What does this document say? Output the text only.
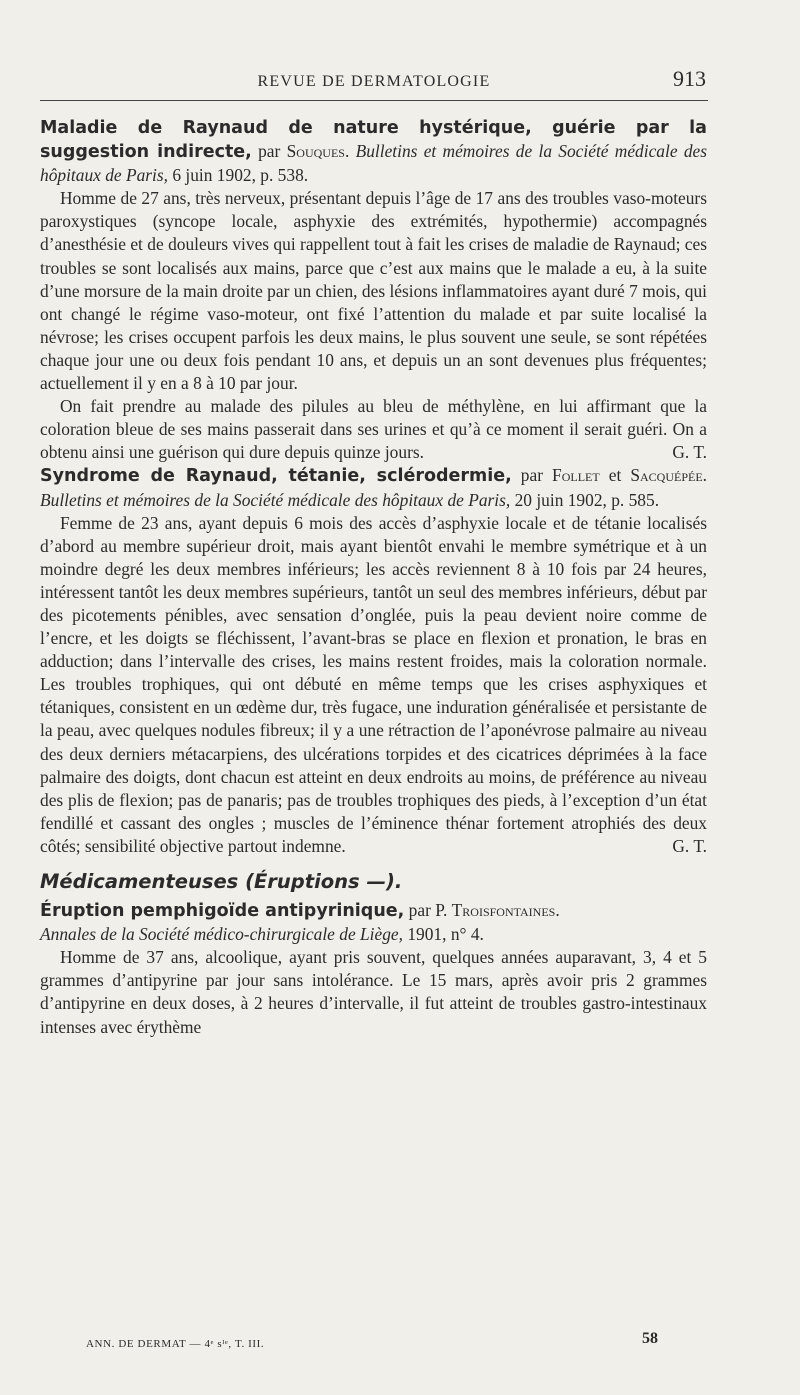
REVUE DE DERMATOLOGIE	913

Maladie de Raynaud de nature hystérique, guérie par la suggestion indirecte, par Souques. Bulletins et mémoires de la Société médicale des hôpitaux de Paris, 6 juin 1902, p. 538.

Homme de 27 ans, très nerveux, présentant depuis l’âge de 17 ans des troubles vaso-moteurs paroxystiques (syncope locale, asphyxie des extrémités, hypothermie) accompagnés d’anesthésie et de douleurs vives qui rappellent tout à fait les crises de maladie de Raynaud; ces troubles se sont localisés aux mains, parce que c’est aux mains que le malade a eu, à la suite d’une morsure de la main droite par un chien, des lésions inflammatoires ayant duré 7 mois, qui ont changé le régime vaso-moteur, ont fixé l’attention du malade et par suite localisé la névrose; les crises occupent parfois les deux mains, le plus souvent une seule, se sont répétées chaque jour une ou deux fois pendant 10 ans, et depuis un an sont devenues plus fréquentes; actuellement il y en a 8 à 10 par jour.

On fait prendre au malade des pilules au bleu de méthylène, en lui affirmant que la coloration bleue de ses mains passerait dans ses urines et qu’à ce moment il serait guéri. On a obtenu ainsi une guérison qui dure depuis quinze jours.	G. T.

Syndrome de Raynaud, tétanie, sclérodermie, par Follet et Sacquépée. Bulletins et mémoires de la Société médicale des hôpitaux de Paris, 20 juin 1902, p. 585.

Femme de 23 ans, ayant depuis 6 mois des accès d’asphyxie locale et de tétanie localisés d’abord au membre supérieur droit, mais ayant bientôt envahi le membre symétrique et à un moindre degré les deux membres inférieurs; les accès reviennent 8 à 10 fois par 24 heures, intéressent tantôt les deux membres supérieurs, tantôt un seul des membres inférieurs, début par des picotements pénibles, avec sensation d’onglée, puis la peau devient noire comme de l’encre, et les doigts se fléchissent, l’avant-bras se place en flexion et pronation, le bras en adduction; dans l’intervalle des crises, les mains restent froides, mais la coloration normale. Les troubles trophiques, qui ont débuté en même temps que les crises asphyxiques et tétaniques, consistent en un œdème dur, très fugace, une induration généralisée et persistante de la peau, avec quelques nodules fibreux; il y a une rétraction de l’aponévrose palmaire au niveau des deux derniers métacarpiens, des ulcérations torpides et des cicatrices déprimées à la face palmaire des doigts, dont chacun est atteint en deux endroits au moins, de préférence au niveau des plis de flexion; pas de panaris; pas de troubles trophiques des pieds, à l’exception d’un état fendillé et cassant des ongles ; muscles de l’éminence thénar fortement atrophiés des deux côtés; sensibilité objective partout indemne.	G. T.

Médicamenteuses (Éruptions —).

Éruption pemphigoïde antipyrinique, par P. Troisfontaines.
Annales de la Société médico-chirurgicale de Liège, 1901, n° 4.

Homme de 37 ans, alcoolique, ayant pris souvent, quelques années auparavant, 3, 4 et 5 grammes d’antipyrine par jour sans intolérance. Le 15 mars, après avoir pris 2 grammes d’antipyrine en deux doses, à 2 heures d’intervalle, il fut atteint de troubles gastro-intestinaux intenses avec érythème

ANN. DE DERMAT — 4ᵉ sᴵᵉ, T. III.	58
